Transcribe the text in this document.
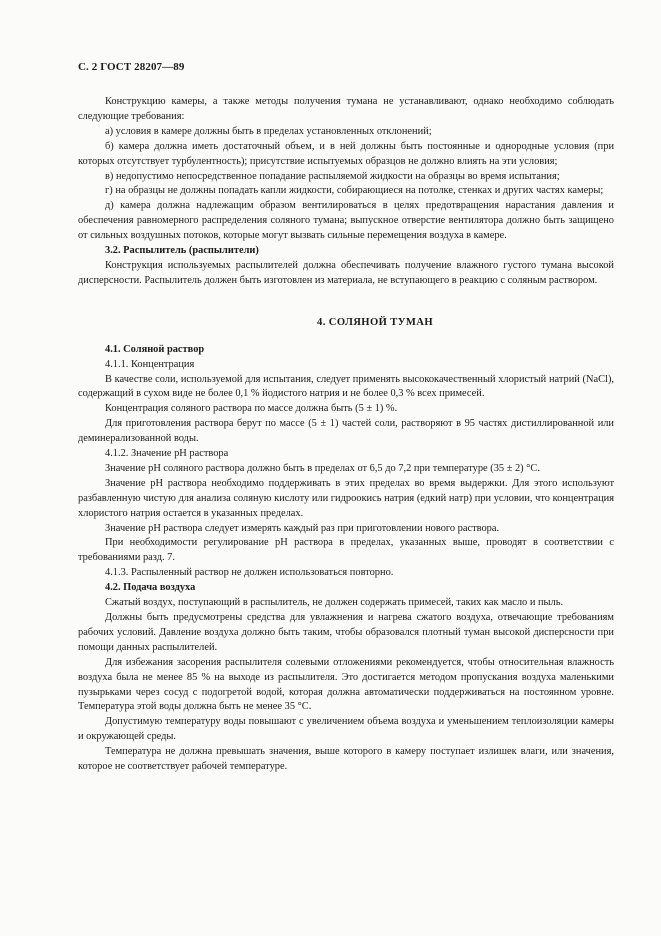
С. 2 ГОСТ 28207—89

Конструкцию камеры, а также методы получения тумана не устанавливают, однако необходимо соблюдать следующие требования:

а) условия в камере должны быть в пределах установленных отклонений;

б) камера должна иметь достаточный объем, и в ней должны быть постоянные и однородные условия (при которых отсутствует турбулентность); присутствие испытуемых образцов не должно влиять на эти условия;

в) недопустимо непосредственное попадание распыляемой жидкости на образцы во время испытания;

г) на образцы не должны попадать капли жидкости, собирающиеся на потолке, стенках и других частях камеры;

д) камера должна надлежащим образом вентилироваться в целях предотвращения нарастания давления и обеспечения равномерного распределения соляного тумана; выпускное отверстие вентилятора должно быть защищено от сильных воздушных потоков, которые могут вызвать сильные перемещения воздуха в камере.

3.2. Распылитель (распылители)

Конструкция используемых распылителей должна обеспечивать получение влажного густого тумана высокой дисперсности. Распылитель должен быть изготовлен из материала, не вступающего в реакцию с соляным раствором.

4. СОЛЯНОЙ ТУМАН

4.1. Соляной раствор

4.1.1. Концентрация

В качестве соли, используемой для испытания, следует применять высококачественный хлористый натрий (NaCl), содержащий в сухом виде не более 0,1 % йодистого натрия и не более 0,3 % всех примесей.

Концентрация соляного раствора по массе должна быть (5 ± 1) %.

Для приготовления раствора берут по массе (5 ± 1) частей соли, растворяют в 95 частях дистиллированной или деминерализованной воды.

4.1.2. Значение pH раствора

Значение рН соляного раствора должно быть в пределах от 6,5 до 7,2 при температуре (35 ± 2) °С.

Значение рН раствора необходимо поддерживать в этих пределах во время выдержки. Для этого используют разбавленную чистую для анализа соляную кислоту или гидроокись натрия (едкий натр) при условии, что концентрация хлористого натрия остается в указанных пределах.

Значение рН раствора следует измерять каждый раз при приготовлении нового раствора.

При необходимости регулирование рН раствора в пределах, указанных выше, проводят в соответствии с требованиями разд. 7.

4.1.3. Распыленный раствор не должен использоваться повторно.

4.2. Подача воздуха

Сжатый воздух, поступающий в распылитель, не должен содержать примесей, таких как масло и пыль.

Должны быть предусмотрены средства для увлажнения и нагрева сжатого воздуха, отвечающие требованиям рабочих условий. Давление воздуха должно быть таким, чтобы образовался плотный туман высокой дисперсности при помощи данных распылителей.

Для избежания засорения распылителя солевыми отложениями рекомендуется, чтобы относительная влажность воздуха была не менее 85 % на выходе из распылителя. Это достигается методом пропускания воздуха маленькими пузырьками через сосуд с подогретой водой, которая должна автоматически поддерживаться на постоянном уровне. Температура этой воды должна быть не менее 35 °С.

Допустимую температуру воды повышают с увеличением объема воздуха и уменьшением теплоизоляции камеры и окружающей среды.

Температура не должна превышать значения, выше которого в камеру поступает излишек влаги, или значения, которое не соответствует рабочей температуре.
